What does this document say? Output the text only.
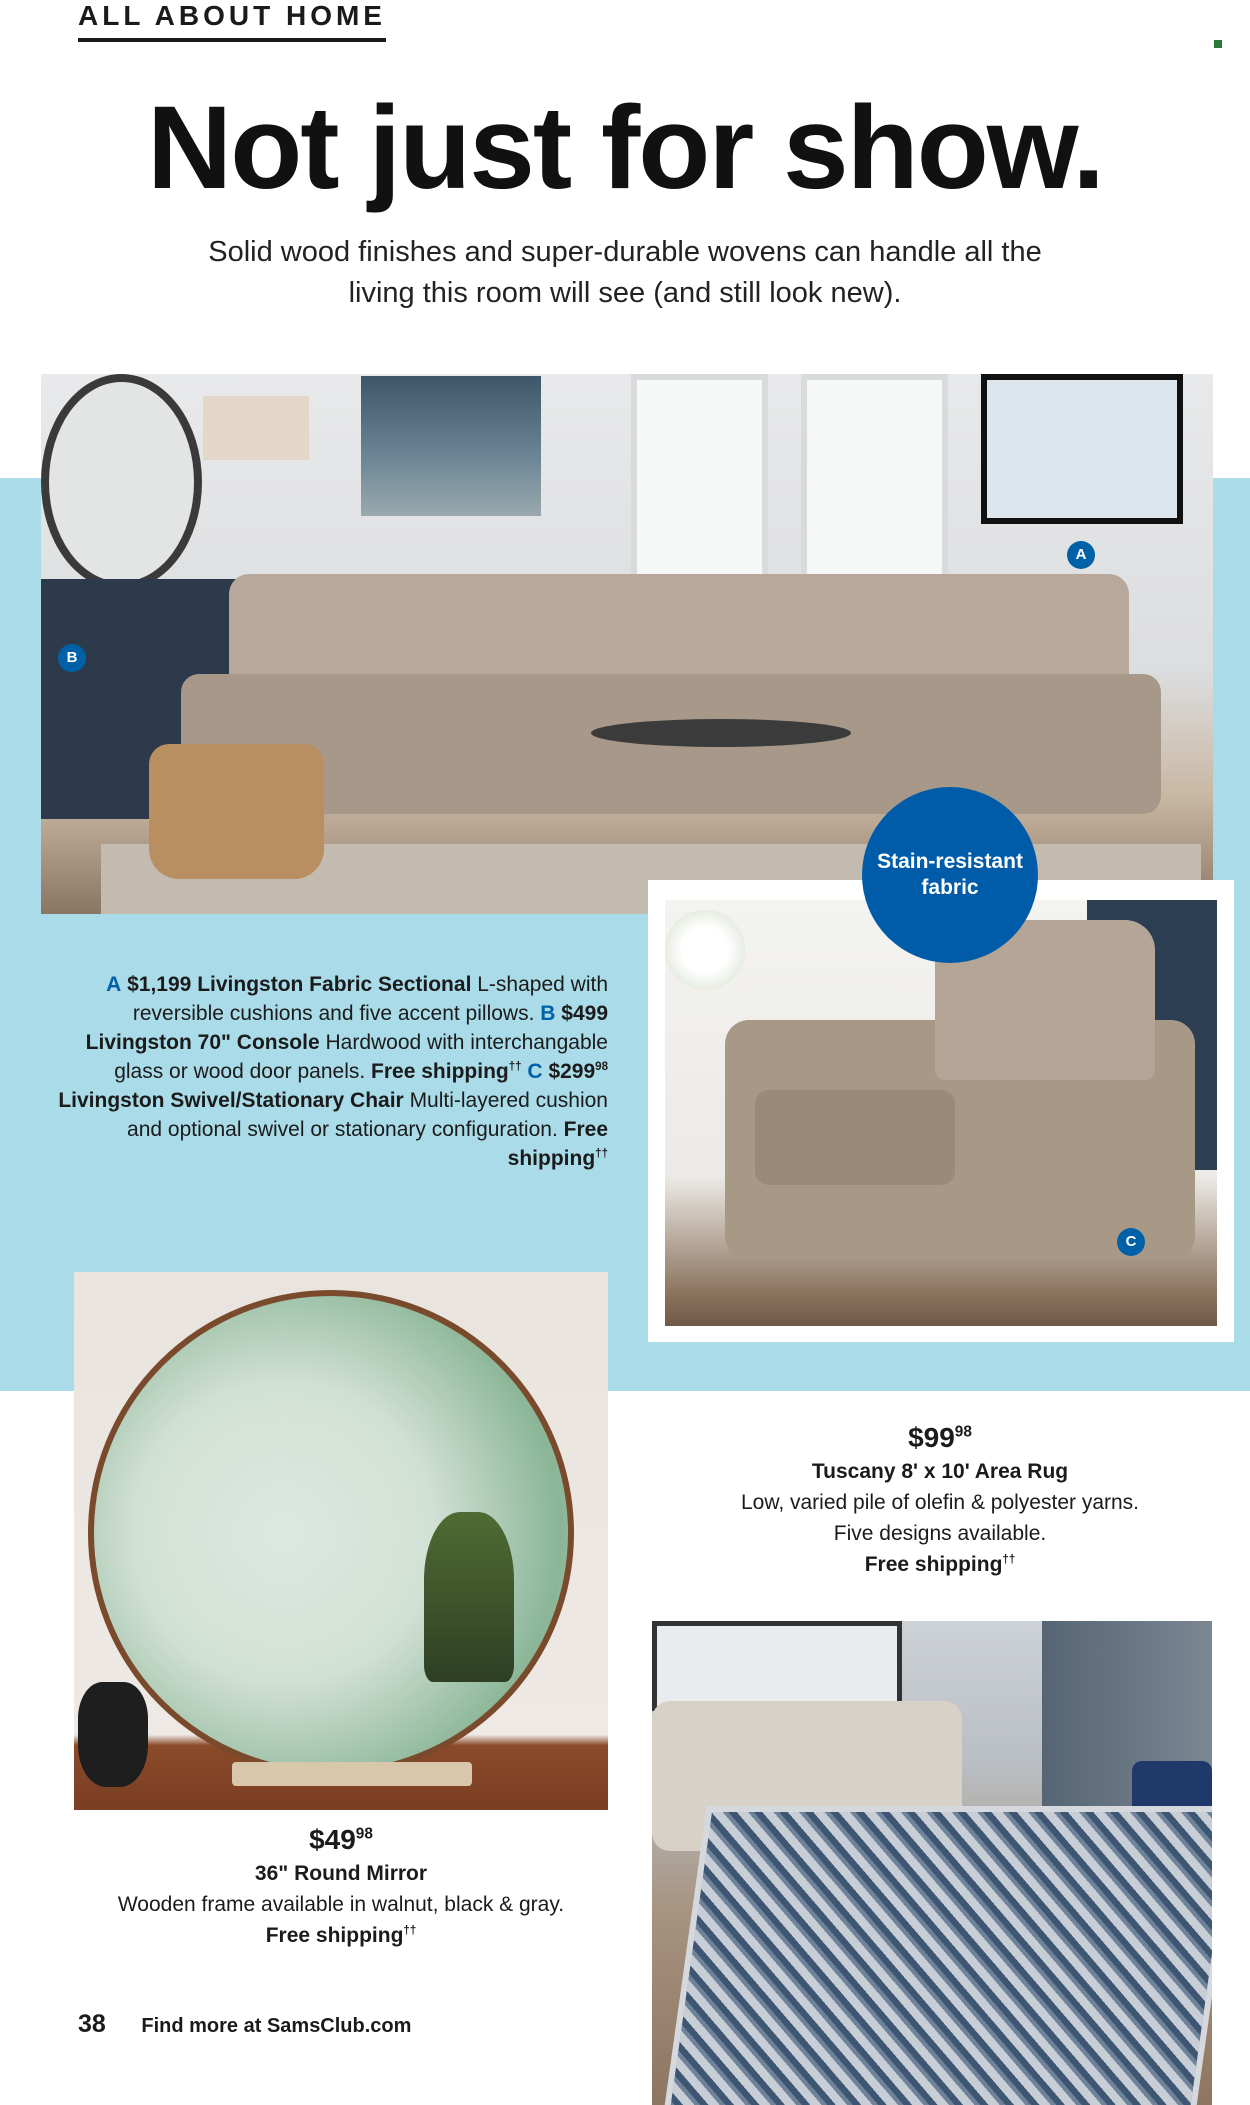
ALL ABOUT HOME
Not just for show.
Solid wood finishes and super-durable wovens can handle all the living this room will see (and still look new).
A
B
C
Stain-resistant
fabric
A $1,199 Livingston Fabric Sectional L-shaped with reversible cushions and five accent pillows. B $499 Livingston 70" Console Hardwood with interchangable glass or wood door panels. Free shipping†† C $\$299^{98}$ Livingston Swivel/Stationary Chair Multi-layered cushion and optional swivel or stationary configuration. Free shipping††
$\$99^{98}$
Tuscany 8' x 10' Area Rug
Low, varied pile of olefin & polyester yarns.
Five designs available.
Free shipping††
$\$49^{98}$
36" Round Mirror
Wooden frame available in walnut, black & gray.
Free shipping††
38 Find more at SamsClub.com
